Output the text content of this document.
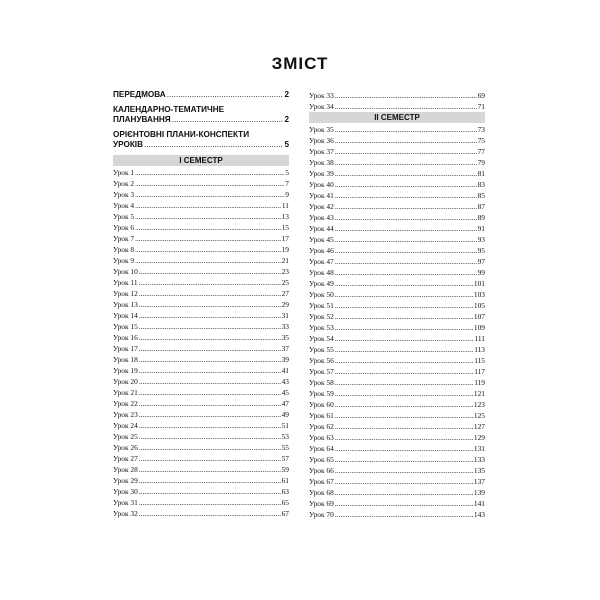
ЗМІСТ
ПЕРЕДМОВА .....	2
КАЛЕНДАРНО-ТЕМАТИЧНЕ
ПЛАНУВАННЯ .....	2
ОРІЄНТОВНІ ПЛАНИ-КОНСПЕКТИ
УРОКІВ .....	5
І СЕМЕСТР
Урок 1 .....	5
Урок 2 .....	7
Урок 3 .....	9
Урок 4 .....	11
Урок 5 .....	13
Урок 6 .....	15
Урок 7 .....	17
Урок 8 .....	19
Урок 9 .....	21
Урок 10 .....	23
Урок 11 .....	25
Урок 12 .....	27
Урок 13 .....	29
Урок 14 .....	31
Урок 15 .....	33
Урок 16 .....	35
Урок 17 .....	37
Урок 18 .....	39
Урок 19 .....	41
Урок 20 .....	43
Урок 21 .....	45
Урок 22 .....	47
Урок 23 .....	49
Урок 24 .....	51
Урок 25 .....	53
Урок 26 .....	55
Урок 27 .....	57
Урок 28 .....	59
Урок 29 .....	61
Урок 30 .....	63
Урок 31 .....	65
Урок 32 .....	67
Урок 33 .....	69
Урок 34 .....	71
ІІ СЕМЕСТР
Урок 35 .....	73
Урок 36 .....	75
Урок 37 .....	77
Урок 38 .....	79
Урок 39 .....	81
Урок 40 .....	83
Урок 41 .....	85
Урок 42 .....	87
Урок 43 .....	89
Урок 44 .....	91
Урок 45 .....	93
Урок 46 .....	95
Урок 47 .....	97
Урок 48 .....	99
Урок 49 .....	101
Урок 50 .....	103
Урок 51 .....	105
Урок 52 .....	107
Урок 53 .....	109
Урок 54 .....	111
Урок 55 .....	113
Урок 56 .....	115
Урок 57 .....	117
Урок 58 .....	119
Урок 59 .....	121
Урок 60 .....	123
Урок 61 .....	125
Урок 62 .....	127
Урок 63 .....	129
Урок 64 .....	131
Урок 65 .....	133
Урок 66 .....	135
Урок 67 .....	137
Урок 68 .....	139
Урок 69 .....	141
Урок 70 .....	143
